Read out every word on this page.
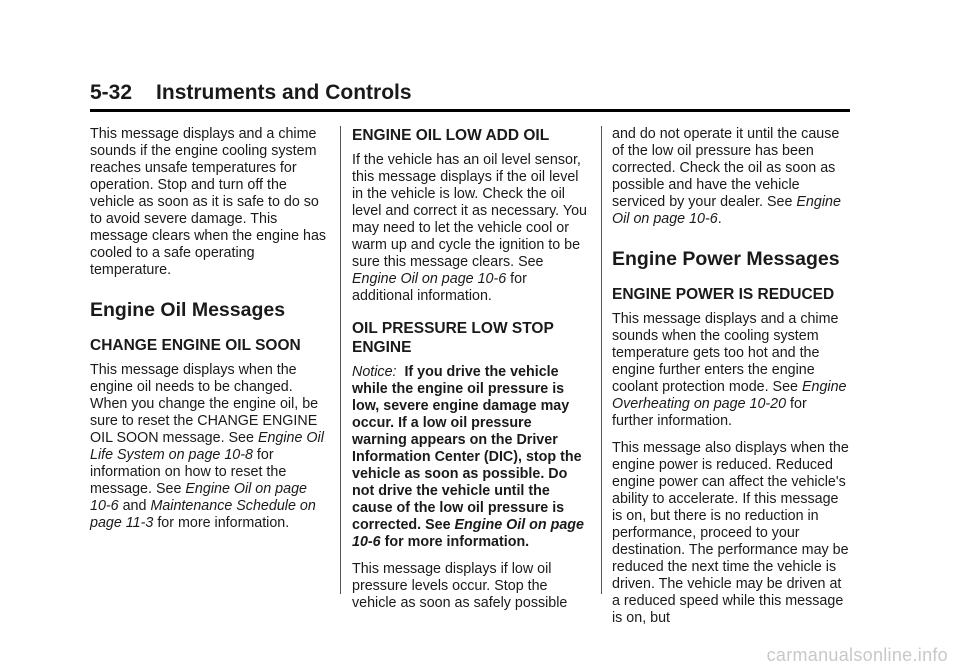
5-32 Instruments and Controls

This message displays and a chime sounds if the engine cooling system reaches unsafe temperatures for operation. Stop and turn off the vehicle as soon as it is safe to do so to avoid severe damage. This message clears when the engine has cooled to a safe operating temperature.

Engine Oil Messages
CHANGE ENGINE OIL SOON

This message displays when the engine oil needs to be changed. When you change the engine oil, be sure to reset the CHANGE ENGINE OIL SOON message. See Engine Oil Life System on page 10-8 for information on how to reset the message. See Engine Oil on page 10-6 and Maintenance Schedule on page 11-3 for more information.

ENGINE OIL LOW ADD OIL

If the vehicle has an oil level sensor, this message displays if the oil level in the vehicle is low. Check the oil level and correct it as necessary. You may need to let the vehicle cool or warm up and cycle the ignition to be sure this message clears. See Engine Oil on page 10-6 for additional information.

OIL PRESSURE LOW STOP ENGINE

Notice: If you drive the vehicle while the engine oil pressure is low, severe engine damage may occur. If a low oil pressure warning appears on the Driver Information Center (DIC), stop the vehicle as soon as possible. Do not drive the vehicle until the cause of the low oil pressure is corrected. See Engine Oil on page 10-6 for more information.

This message displays if low oil pressure levels occur. Stop the vehicle as soon as safely possible

and do not operate it until the cause of the low oil pressure has been corrected. Check the oil as soon as possible and have the vehicle serviced by your dealer. See Engine Oil on page 10-6.

Engine Power Messages
ENGINE POWER IS REDUCED

This message displays and a chime sounds when the cooling system temperature gets too hot and the engine further enters the engine coolant protection mode. See Engine Overheating on page 10-20 for further information.

This message also displays when the engine power is reduced. Reduced engine power can affect the vehicle's ability to accelerate. If this message is on, but there is no reduction in performance, proceed to your destination. The performance may be reduced the next time the vehicle is driven. The vehicle may be driven at a reduced speed while this message is on, but

carmanualsonline.info
